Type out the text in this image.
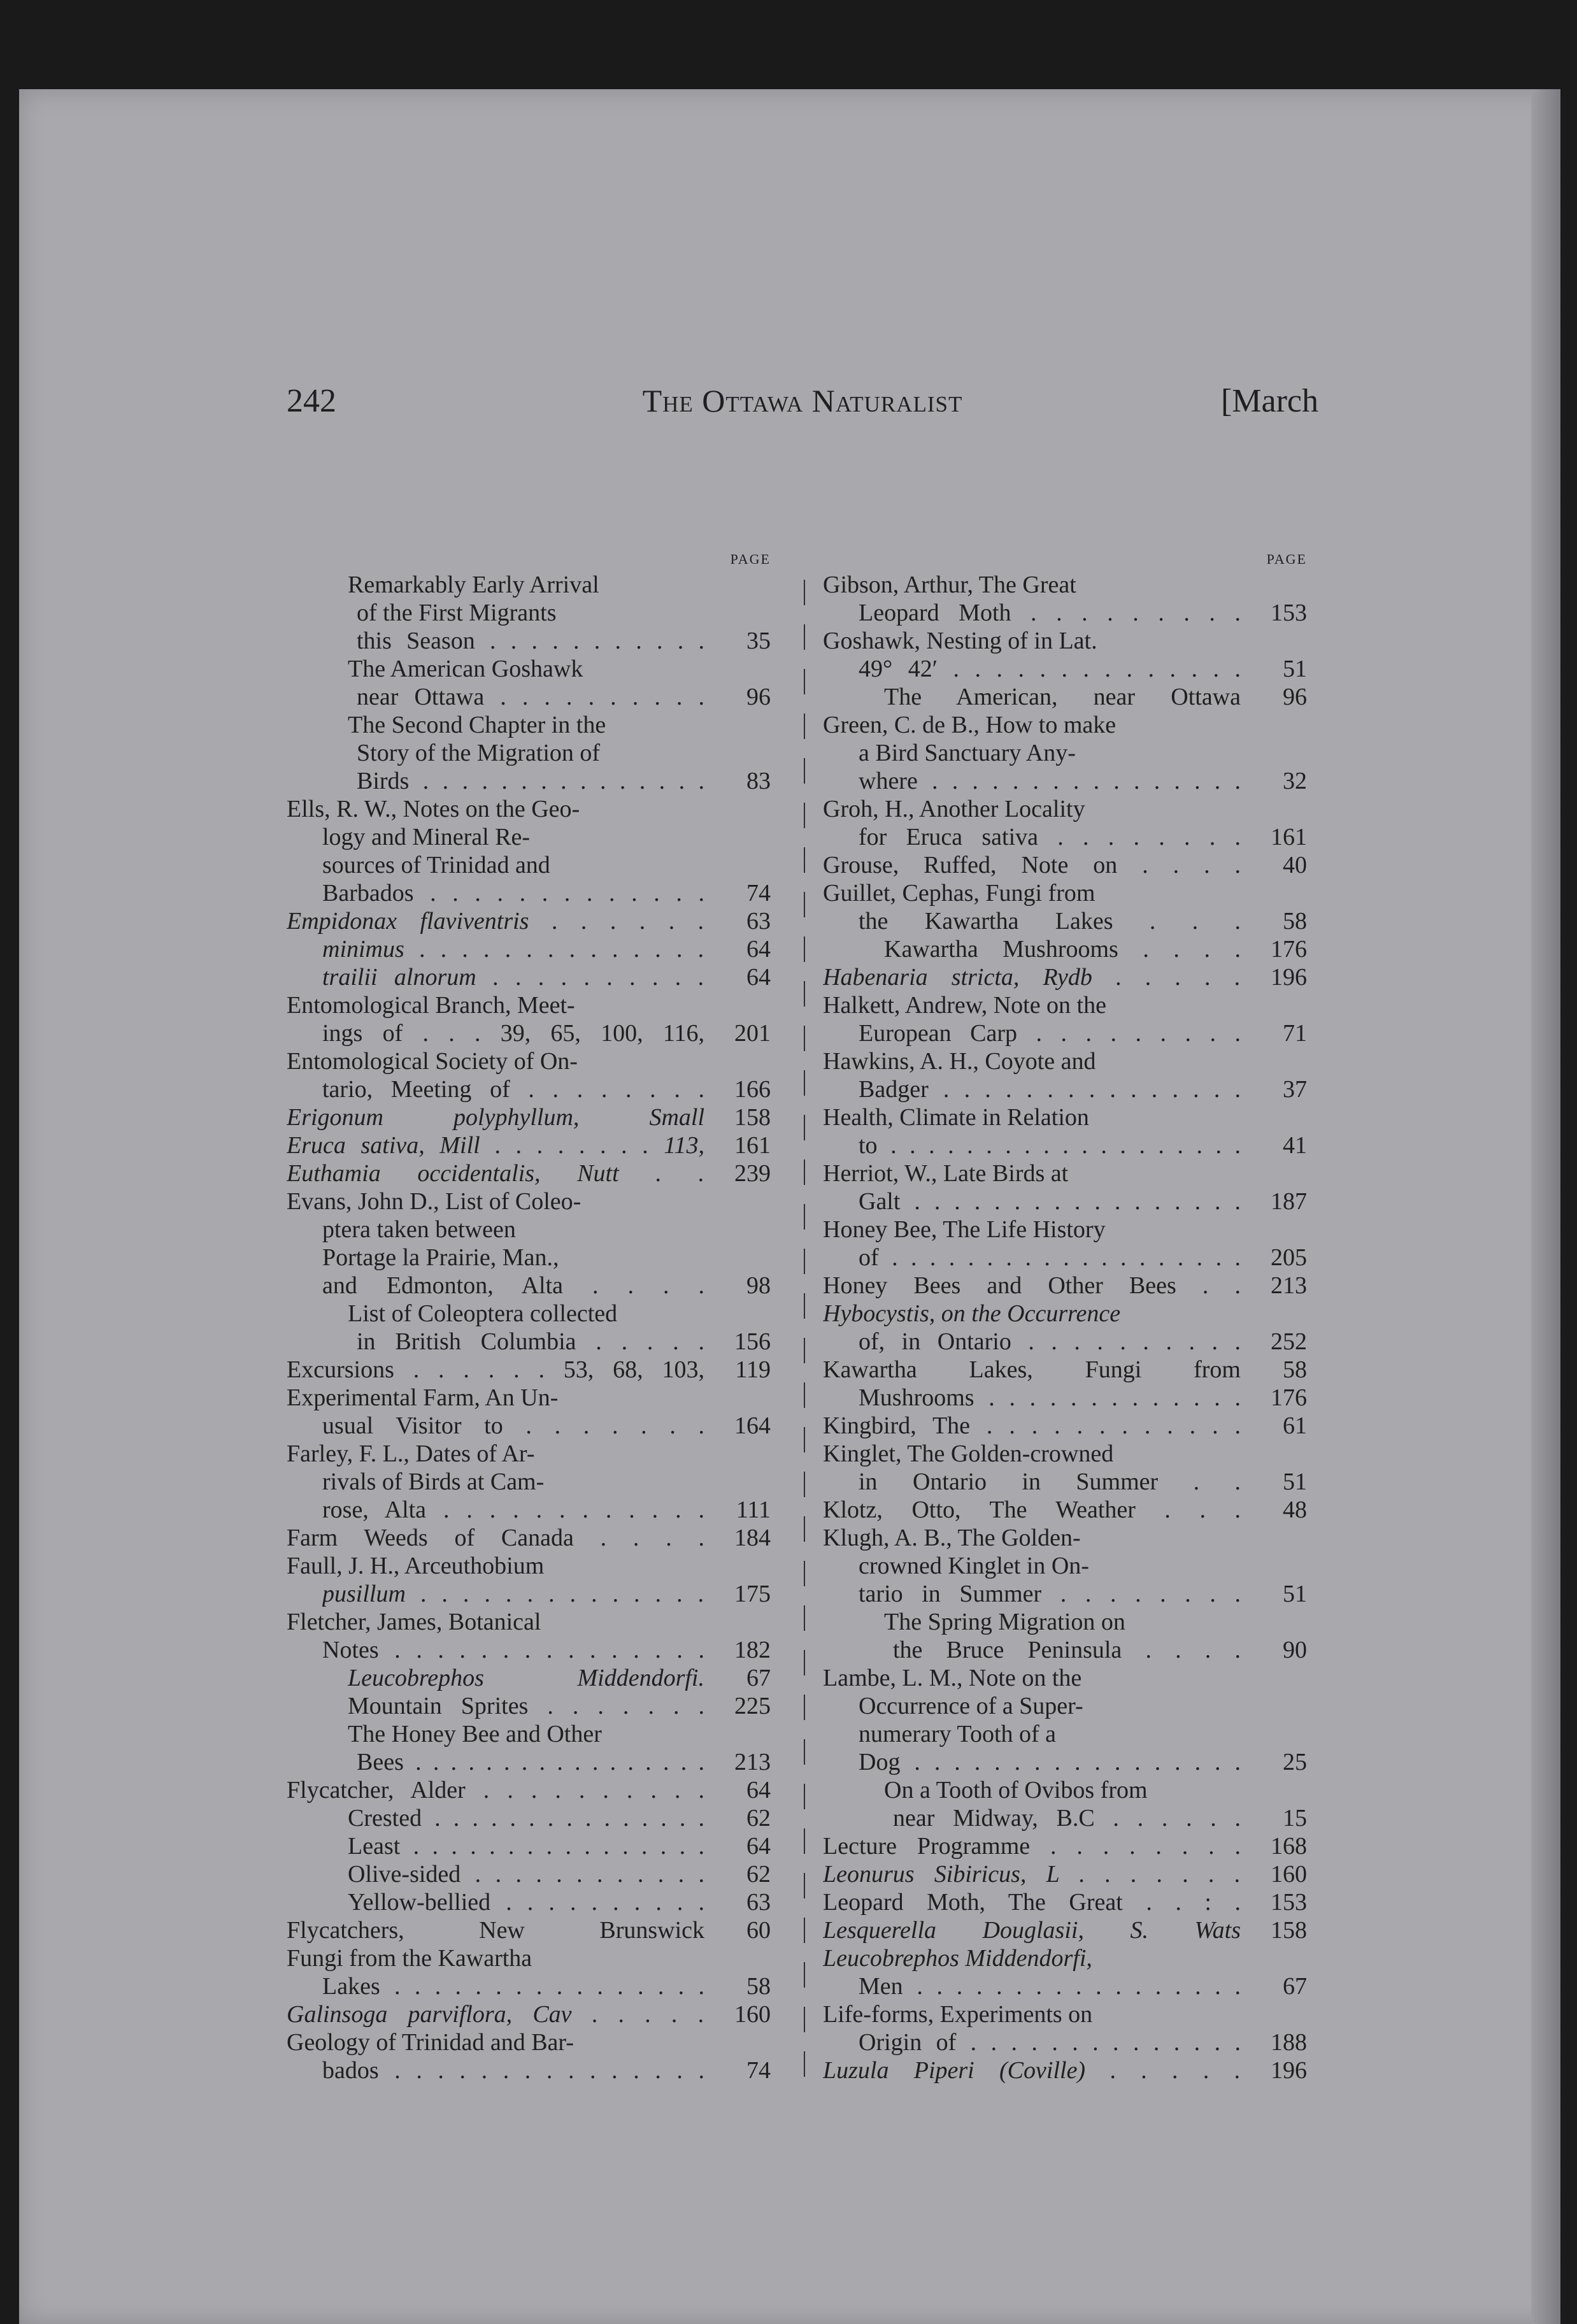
242	The Ottawa Naturalist	[March
PAGE
Remarkably Early Arrival
of the First Migrants
this Season . . . . . . . . . . .	35
The American Goshawk
near Ottawa . . . . . . . . . .	96
The Second Chapter in the
Story of the Migration of
Birds . . . . . . . . . . . . . . .	83
Ells, R. W., Notes on the Geo-
logy and Mineral Re-
sources of Trinidad and
Barbados . . . . . . . . . . . . .	74
Empidonax flaviventris . . . . . .	63
minimus . . . . . . . . . . . . . .	64
trailii alnorum . . . . . . . . . .	64
Entomological Branch, Meet-
ings of . . . 39, 65, 100, 116,	201
Entomological Society of On-
tario, Meeting of . . . . . . . .	166
Erigonum polyphyllum, Small	158
Eruca sativa, Mill . . . . . . . . 113,	161
Euthamia occidentalis, Nutt . .	239
Evans, John D., List of Coleo-
ptera taken between
Portage la Prairie, Man.,
and Edmonton, Alta . . . .	98
List of Coleoptera collected
in British Columbia . . . . .	156
Excursions . . . . . . 53, 68, 103,	119
Experimental Farm, An Un-
usual Visitor to . . . . . . .	164
Farley, F. L., Dates of Ar-
rivals of Birds at Cam-
rose, Alta . . . . . . . . . . . .	111
Farm Weeds of Canada . . . .	184
Faull, J. H., Arceuthobium
pusillum . . . . . . . . . . . . . .	175
Fletcher, James, Botanical
Notes . . . . . . . . . . . . . . .	182
Leucobrephos Middendorfi.	67
Mountain Sprites . . . . . . .	225
The Honey Bee and Other
Bees . . . . . . . . . . . . . . . . .	213
Flycatcher, Alder . . . . . . . . . .	64
Crested . . . . . . . . . . . . . . .	62
Least . . . . . . . . . . . . . . . .	64
Olive-sided . . . . . . . . . . . .	62
Yellow-bellied . . . . . . . . . .	63
Flycatchers, New Brunswick	60
Fungi from the Kawartha
Lakes . . . . . . . . . . . . . . . .	58
Galinsoga parviflora, Cav . . . . .	160
Geology of Trinidad and Bar-
bados . . . . . . . . . . . . . . .	74
PAGE
Gibson, Arthur, The Great
Leopard Moth . . . . . . . . .	153
Goshawk, Nesting of in Lat.
49° 42′ . . . . . . . . . . . . . .	51
The American, near Ottawa	96
Green, C. de B., How to make
a Bird Sanctuary Any-
where . . . . . . . . . . . . . . . .	32
Groh, H., Another Locality
for Eruca sativa . . . . . . . .	161
Grouse, Ruffed, Note on . . . .	40
Guillet, Cephas, Fungi from
the Kawartha Lakes . . .	58
Kawartha Mushrooms . . . .	176
Habenaria stricta, Rydb . . . . .	196
Halkett, Andrew, Note on the
European Carp . . . . . . . . .	71
Hawkins, A. H., Coyote and
Badger . . . . . . . . . . . . . . .	37
Health, Climate in Relation
to . . . . . . . . . . . . . . . . . . .	41
Herriot, W., Late Birds at
Galt . . . . . . . . . . . . . . . . .	187
Honey Bee, The Life History
of . . . . . . . . . . . . . . . . . . .	205
Honey Bees and Other Bees . .	213
Hybocystis, on the Occurrence
of, in Ontario . . . . . . . . . .	252
Kawartha Lakes, Fungi from	58
Mushrooms . . . . . . . . . . . . .	176
Kingbird, The . . . . . . . . . . . .	61
Kinglet, The Golden-crowned
in Ontario in Summer . .	51
Klotz, Otto, The Weather . . .	48
Klugh, A. B., The Golden-
crowned Kinglet in On-
tario in Summer . . . . . . . .	51
The Spring Migration on
the Bruce Peninsula . . . .	90
Lambe, L. M., Note on the
Occurrence of a Super-
numerary Tooth of a
Dog . . . . . . . . . . . . . . . . .	25
On a Tooth of Ovibos from
near Midway, B.C . . . . . .	15
Lecture Programme . . . . . . . .	168
Leonurus Sibiricus, L . . . . . . .	160
Leopard Moth, The Great . . : .	153
Lesquerella Douglasii, S. Wats	158
Leucobrephos Middendorfi,
Men . . . . . . . . . . . . . . . . .	67
Life-forms, Experiments on
Origin of . . . . . . . . . . . . . .	188
Luzula Piperi (Coville) . . . . .	196
